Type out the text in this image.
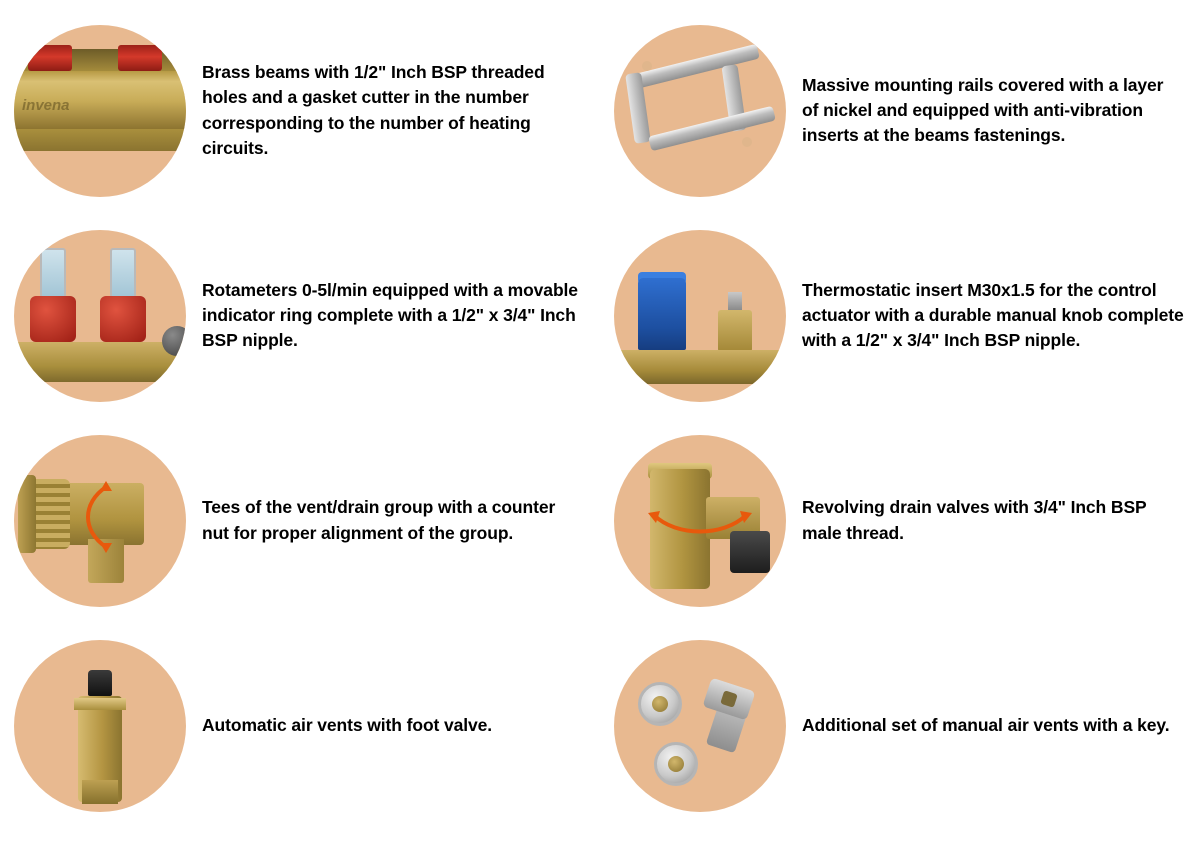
invena
Brass beams with 1/2" Inch BSP threaded holes and a gasket cutter in the number corresponding to the number of heating circuits.
Massive mounting rails covered with a layer of nickel and equipped with anti-vibration inserts at the beams fastenings.
Rotameters 0-5l/min equipped with a movable indicator ring complete with a 1/2" x 3/4" Inch BSP nipple.
Thermostatic insert M30x1.5 for the control actuator with a durable manual knob complete with a 1/2" x 3/4" Inch BSP nipple.
Tees of the vent/drain group with a counter nut for proper alignment of the group.
Revolving drain valves with 3/4" Inch BSP male thread.
Automatic air vents with foot valve.	Additional set of manual air vents with a key.
